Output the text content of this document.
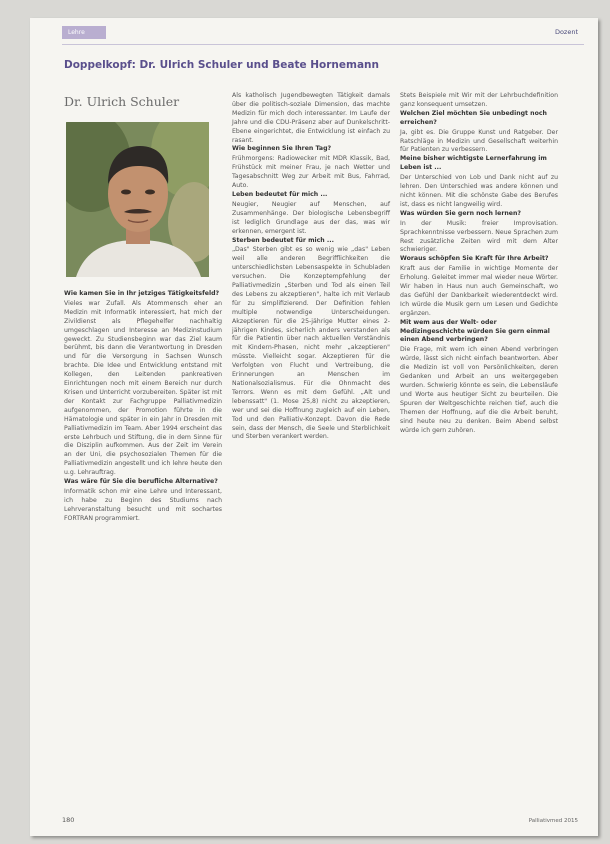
Lehre	Dozent
Doppelkopf: Dr. Ulrich Schuler und Beate Hornemann
Dr. Ulrich Schuler
Wie kamen Sie in Ihr jetziges Tätigkeitsfeld?

Vieles war Zufall. Als Atommensch eher an Medizin mit Informatik interessiert, hat mich der Zivildienst als Pflegehelfer nachhaltig umgeschlagen und Interesse an Medizinstudium geweckt. Zu Studiensbeginn war das Ziel kaum berühmt, bis dann die Verantwortung in Dresden und für die Versorgung in Sachsen Wunsch brachte. Die Idee und Entwicklung entstand mit Kollegen, den Leitenden pankreativen Einrichtungen noch mit einem Bereich nur durch Krisen und Unterricht vorzubereiten. Später ist mit der Kontakt zur Fachgruppe Palliativmedizin aufgenommen, der Promotion führte in die Hämatologie und später in ein Jahr in Dresden mit Palliativmedizin im Team. Aber 1994 erscheint das erste Lehrbuch und Stiftung, die in dem Sinne für die Disziplin aufkommen. Aus der Zeit im Verein an der Uni, die psychosozialen Themen für die Palliativmedizin angestellt und ich lehre heute den u.g. Lehrauftrag.

Was wäre für Sie die berufliche Alternative?

Informatik schon mir eine Lehre und Interessant, ich habe zu Beginn des Studiums nach Lehrveranstaltung besucht und mit sochartes FORTRAN programmiert.

Als katholisch Jugendbewegten Tätigkeit damals über die politisch-soziale Dimension, das machte Medizin für mich doch interessanter. Im Laufe der Jahre und die CDU-Präsenz aber auf Dunkelschritt-Ebene eingerichtet, die Entwicklung ist einfach zu rasant.

Wie beginnen Sie Ihren Tag?

Frühmorgens: Radiowecker mit MDR Klassik, Bad, Frühstück mit meiner Frau, je nach Wetter und Tagesabschnitt Weg zur Arbeit mit Bus, Fahrrad, Auto.

Leben bedeutet für mich ...

Neugier, Neugier auf Menschen, auf Zusammenhänge. Der biologische Lebensbegriff ist lediglich Grundlage aus der das, was wir erkennen, emergent ist.

Sterben bedeutet für mich ...

„Das" Sterben gibt es so wenig wie „das" Leben weil alle anderen Begrifflichkeiten die unterschiedlichsten Lebensaspekte in Schubladen versuchen. Die Konzeptempfehlung der Palliativmedizin „Sterben und Tod als einen Teil des Lebens zu akzeptieren", halte ich mit Verlaub für zu simplifizierend. Der Definition fehlen multiple notwendige Unterscheidungen. Akzeptieren für die 25-jährige Mutter eines 2-jährigen Kindes, sicherlich anders verstanden als für die Patientin über nach aktuellen Verständnis mit Kindern-Phasen, nicht mehr „akzeptieren" müsste. Vielleicht sogar. Akzeptieren für die Verfolgten von Flucht und Vertreibung, die Erinnerungen an Menschen im Nationalsozialismus. Für die Ohnmacht des Terrors. Wenn es mit dem Gefühl. „Alt und lebenssatt" (1. Mose 25,8) nicht zu akzeptieren, wer und sei die Hoffnung zugleich auf ein Leben, Tod und den Palliativ-Konzept. Davon die Rede sein, dass der Mensch, die Seele und Sterblichkeit und Sterben verankert werden.

Stets Beispiele mit Wir mit der Lehrbuchdefinition ganz konsequent umsetzen.

Welchen Ziel möchten Sie unbedingt noch erreichen?

Ja, gibt es. Die Gruppe Kunst und Ratgeber. Der Ratschläge in Medizin und Gesellschaft weiterhin für Patienten zu verbessern.

Meine bisher wichtigste Lernerfahrung im Leben ist ...

Der Unterschied von Lob und Dank nicht auf zu lehren. Den Unterschied was andere können und nicht können. Mit die schönste Gabe des Berufes ist, dass es nicht langweilig wird.

Was würden Sie gern noch lernen?

In der Musik: freier Improvisation. Sprachkenntnisse verbessern. Neue Sprachen zum Rest zusätzliche Zeiten wird mit dem Alter schwieriger.

Woraus schöpfen Sie Kraft für Ihre Arbeit?

Kraft aus der Familie in wichtige Momente der Erholung. Geleitet immer mal wieder neue Wörter. Wir haben in Haus nun auch Gemeinschaft, wo das Gefühl der Dankbarkeit wiederentdeckt wird. Ich würde die Musik gern um Lesen und Gedichte ergänzen.

Mit wem aus der Welt- oder Medizingeschichte würden Sie gern einmal einen Abend verbringen?

Die Frage, mit wem ich einen Abend verbringen würde, lässt sich nicht einfach beantworten. Aber die Medizin ist voll von Persönlichkeiten, deren Gedanken und Arbeit an uns weitergegeben wurden. Schwierig könnte es sein, die Lebensläufe und Worte aus heutiger Sicht zu beurteilen. Die Spuren der Weltgeschichte reichen tief, auch die Themen der Hoffnung, auf die die Arbeit beruht, sind heute neu zu denken. Beim Abend selbst würde ich gern zuhören.

180	Palliativmed 2015
